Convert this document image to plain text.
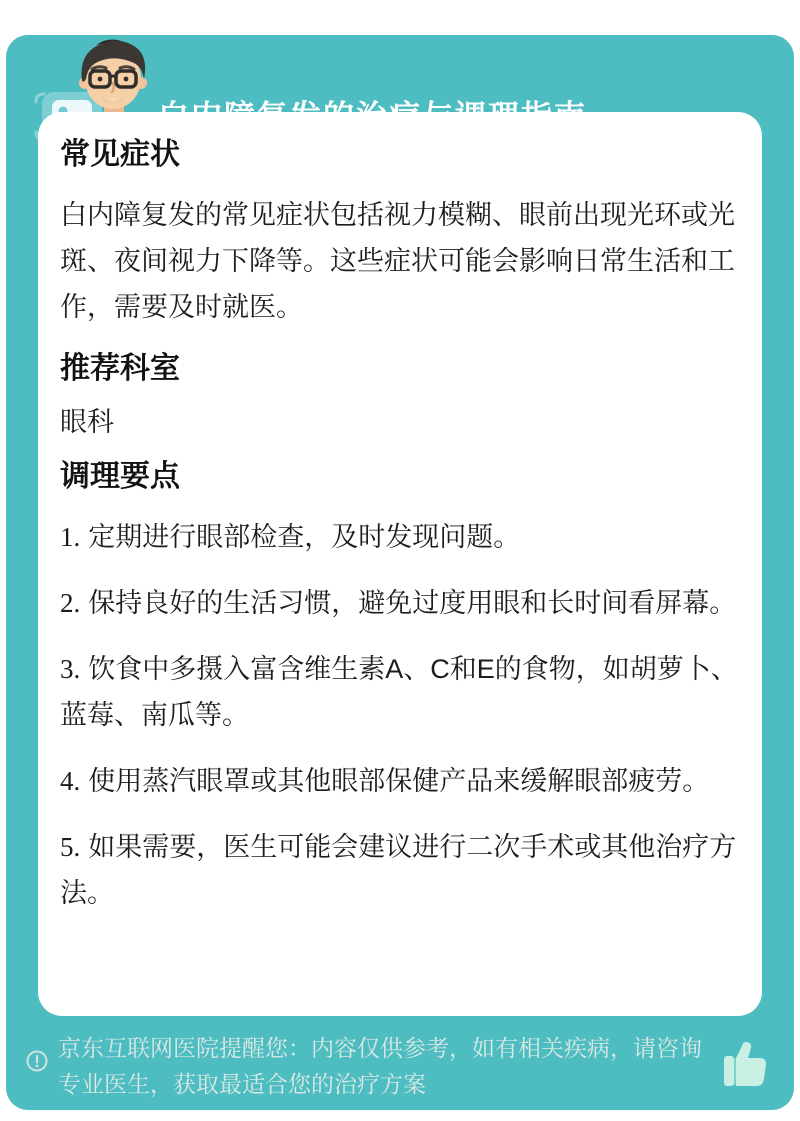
常见症状

白内障复发的常见症状包括视力模糊、眼前出现光环或光斑、夜间视力下降等。这些症状可能会影响日常生活和工作，需要及时就医。

推荐科室
眼科
调理要点
1. 定期进行眼部检查，及时发现问题。
2. 保持良好的生活习惯，避免过度用眼和长时间看屏幕。
3. 饮食中多摄入富含维生素A、C和E的食物，如胡萝卜、蓝莓、南瓜等。
4. 使用蒸汽眼罩或其他眼部保健产品来缓解眼部疲劳。
5. 如果需要，医生可能会建议进行二次手术或其他治疗方法。
京东互联网医院提醒您：内容仅供参考，如有相关疾病，请咨询专业医生，获取最适合您的治疗方案
